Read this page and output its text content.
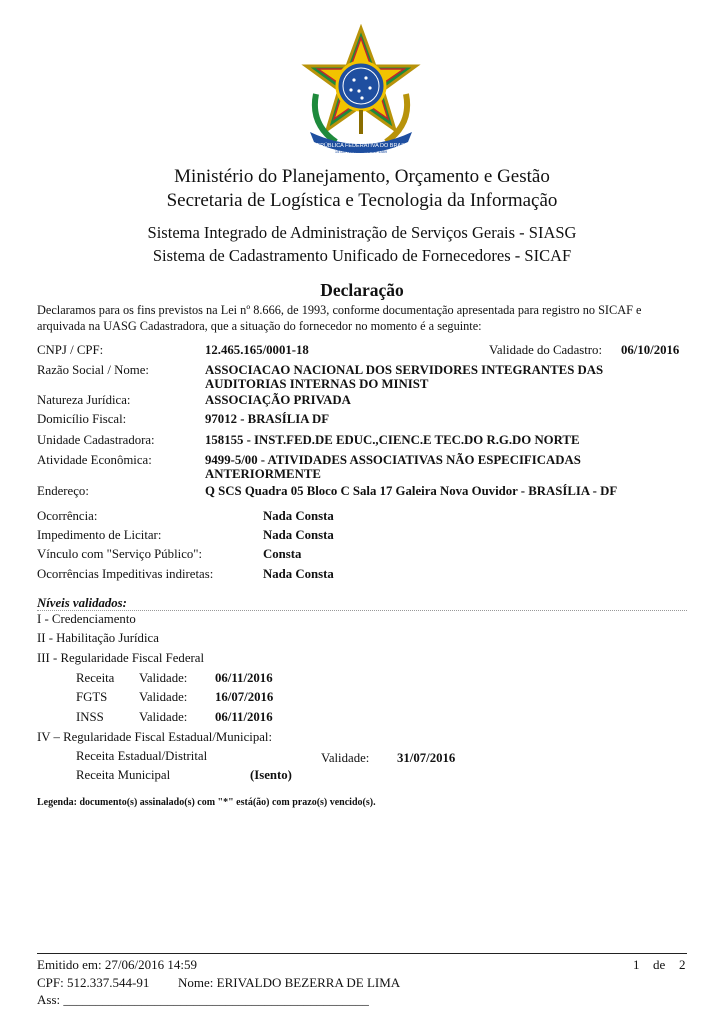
REPÚBLICA FEDERATIVA DO BRASIL
15 DE NOVEMBRO DE 1889
Ministério do Planejamento, Orçamento e Gestão
Secretaria de Logística e Tecnologia da Informação
Sistema Integrado de Administração de Serviços Gerais - SIASG
Sistema de Cadastramento Unificado de Fornecedores - SICAF
Declaração
Declaramos para os fins previstos na Lei nº 8.666, de 1993, conforme documentação apresentada para registro no SICAF e arquivada na UASG Cadastradora, que a situação do fornecedor no momento é a seguinte:
CNPJ / CPF:	12.465.165/0001-18	Validade do Cadastro: 06/10/2016
Razão Social / Nome:	ASSOCIACAO NACIONAL DOS SERVIDORES INTEGRANTES DAS
AUDITORIAS INTERNAS DO MINIST
Natureza Jurídica:	ASSOCIAÇÃO PRIVADA
Domicílio Fiscal:	97012 - BRASÍLIA DF
Unidade Cadastradora:	158155 - INST.FED.DE EDUC.,CIENC.E TEC.DO R.G.DO NORTE
Atividade Econômica:	9499-5/00 - ATIVIDADES ASSOCIATIVAS NÃO ESPECIFICADAS
ANTERIORMENTE
Endereço:	Q SCS Quadra 05 Bloco C Sala 17 Galeira Nova Ouvidor - BRASÍLIA - DF
Ocorrência:	Nada Consta
Impedimento de Licitar:	Nada Consta
Vínculo com "Serviço Público":	Consta
Ocorrências Impeditivas indiretas:	Nada Consta
Níveis validados:
I - Credenciamento
II - Habilitação Jurídica
III - Regularidade Fiscal Federal
Receita Validade: 06/11/2016
FGTS Validade: 16/07/2016
INSS	Validade: 06/11/2016
IV – Regularidade Fiscal Estadual/Municipal:
Receita Estadual/Distrital	Validade: 31/07/2016
Receita Municipal	(Isento)
Legenda: documento(s) assinalado(s) com "*" está(ão) com prazo(s) vencido(s).
Emitido em: 27/06/2016 14:59	1 de 2
CPF: 512.337.544-91 Nome: ERIVALDO BEZERRA DE LIMA
Ass: _______________________________________________
